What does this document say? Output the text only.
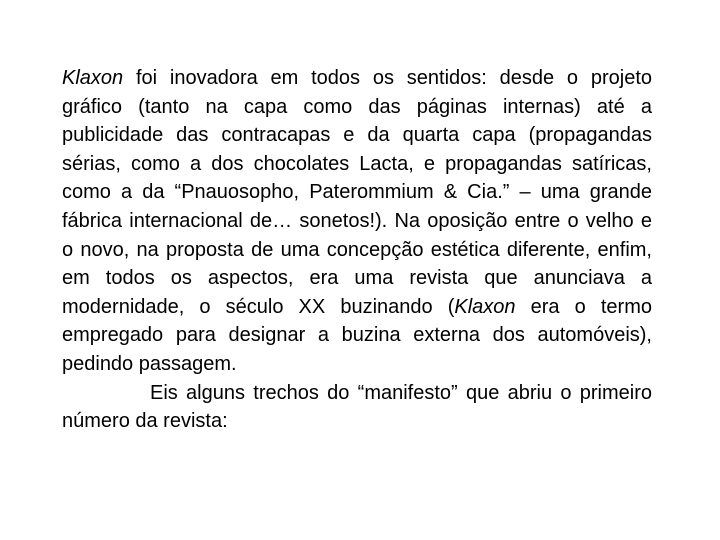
Klaxon foi inovadora em todos os sentidos: desde o projeto gráfico (tanto na capa como das páginas internas) até a publicidade das contracapas e da quarta capa (propagandas sérias, como a dos chocolates Lacta, e propagandas satíricas, como a da “Pnauosopho, Paterommium & Cia.” – uma grande fábrica internacional de… sonetos!). Na oposição entre o velho e o novo, na proposta de uma concepção estética diferente, enfim, em todos os aspectos, era uma revista que anunciava a modernidade, o século XX buzinando (Klaxon era o termo empregado para designar a buzina externa dos automóveis), pedindo passagem.

Eis alguns trechos do “manifesto” que abriu o primeiro número da revista:
